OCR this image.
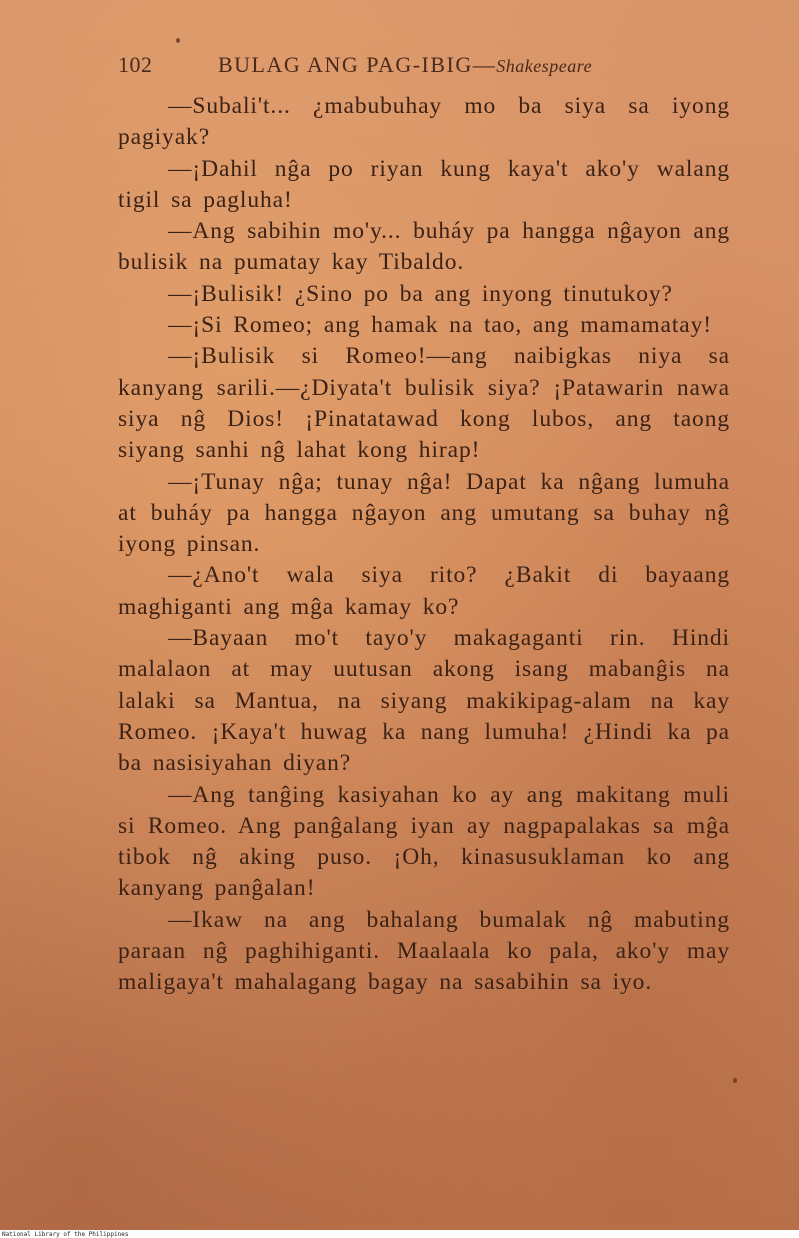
102	BULAG ANG PAG-IBIG—Shakespeare

—Subali't... ¿mabubuhay mo ba siya sa iyong pagiyak?

—¡Dahil nĝa po riyan kung kaya't ako'y walang tigil sa pagluha!

—Ang sabihin mo'y... buháy pa hangga nĝayon ang bulisik na pumatay kay Tibaldo.

—¡Bulisik! ¿Sino po ba ang inyong tinutukoy?

—¡Si Romeo; ang hamak na tao, ang mamamatay!

—¡Bulisik si Romeo!—ang naibigkas niya sa kanyang sarili.—¿Diyata't bulisik siya? ¡Patawarin nawa siya nĝ Dios! ¡Pinatatawad kong lubos, ang taong siyang sanhi nĝ lahat kong hirap!

—¡Tunay nĝa; tunay nĝa! Dapat ka nĝang lumuha at buháy pa hangga nĝayon ang umutang sa buhay nĝ iyong pinsan.

—¿Ano't wala siya rito? ¿Bakit di bayaang maghiganti ang mĝa kamay ko?

—Bayaan mo't tayo'y makagaganti rin. Hindi malalaon at may uutusan akong isang mabanĝis na lalaki sa Mantua, na siyang makikipag-alam na kay Romeo. ¡Kaya't huwag ka nang lumuha! ¿Hindi ka pa ba nasisiyahan diyan?

—Ang tanĝing kasiyahan ko ay ang makitang muli si Romeo. Ang panĝalang iyan ay nagpapalakas sa mĝa tibok nĝ aking puso. ¡Oh, kinasusuklaman ko ang kanyang panĝalan!

—Ikaw na ang bahalang bumalak nĝ mabuting paraan nĝ paghihiganti. Maalaala ko pala, ako'y may maligaya't mahalagang bagay na sasabihin sa iyo.

National Library of the Philippines
